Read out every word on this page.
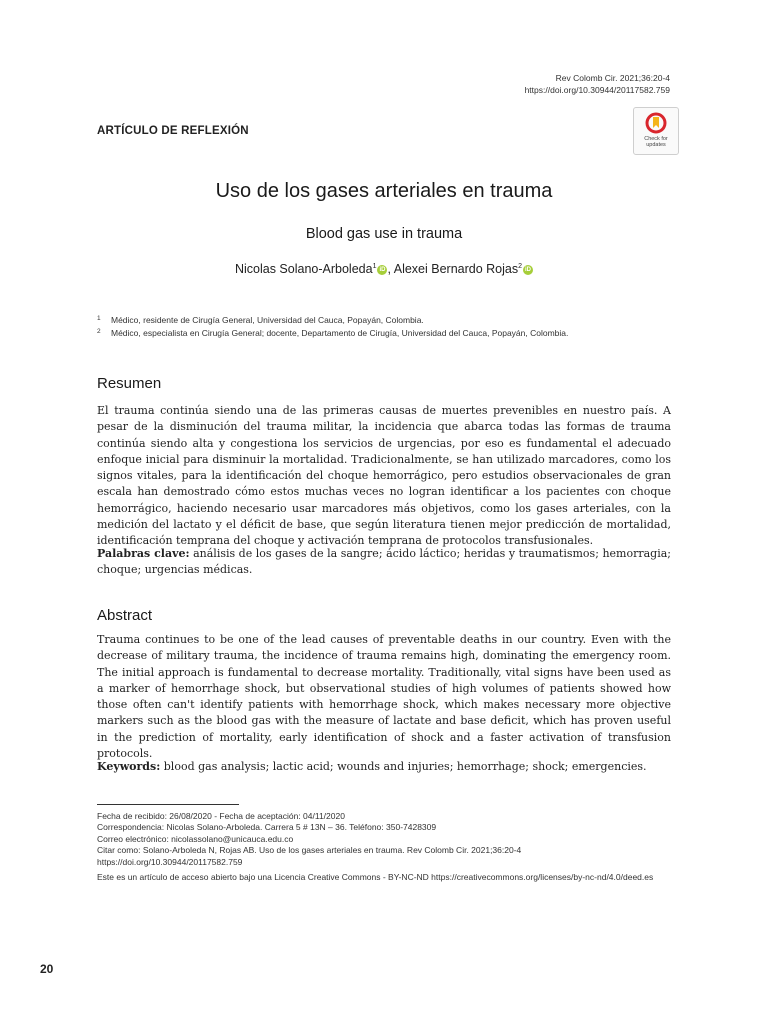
Rev Colomb Cir. 2021;36:20-4
https://doi.org/10.30944/20117582.759
ARTÍCULO DE REFLEXIÓN
Check for
updates
Uso de los gases arteriales en trauma
Blood gas use in trauma
Nicolas Solano-Arboleda$^1$ iD , Alexei Bernardo Rojas$^2$ iD
1 Médico, residente de Cirugía General, Universidad del Cauca, Popayán, Colombia.
2 Médico, especialista en Cirugía General; docente, Departamento de Cirugía, Universidad del Cauca, Popayán, Colombia.
Resumen
El trauma continúa siendo una de las primeras causas de muertes prevenibles en nuestro país. A pesar de la disminución del trauma militar, la incidencia que abarca todas las formas de trauma continúa siendo alta y congestiona los servicios de urgencias, por eso es fundamental el adecuado enfoque inicial para disminuir la mortalidad. Tradicionalmente, se han utilizado marcadores, como los signos vitales, para la identificación del choque hemorrágico, pero estudios observacionales de gran escala han demostrado cómo estos muchas veces no logran identificar a los pacientes con choque hemorrágico, haciendo necesario usar marcadores más objetivos, como los gases arteriales, con la medición del lactato y el déficit de base, que según literatura tienen mejor predicción de mortalidad, identificación temprana del choque y activación temprana de protocolos transfusionales.
Palabras clave: análisis de los gases de la sangre; ácido láctico; heridas y traumatismos; hemorragia; choque; urgencias médicas.
Abstract
Trauma continues to be one of the lead causes of preventable deaths in our country. Even with the decrease of military trauma, the incidence of trauma remains high, dominating the emergency room. The initial approach is fundamental to decrease mortality. Traditionally, vital signs have been used as a marker of hemorrhage shock, but observational studies of high volumes of patients showed how those often can't identify patients with hemorrhage shock, which makes necessary more objective markers such as the blood gas with the measure of lactate and base deficit, which has proven useful in the prediction of mortality, early identification of shock and a faster activation of transfusion protocols.
Keywords: blood gas analysis; lactic acid; wounds and injuries; hemorrhage; shock; emergencies.
Fecha de recibido: 26/08/2020 - Fecha de aceptación: 04/11/2020
Correspondencia: Nicolas Solano-Arboleda. Carrera 5 # 13N – 36. Teléfono: 350-7428309
Correo electrónico: nicolassolano@unicauca.edu.co
Citar como: Solano-Arboleda N, Rojas AB. Uso de los gases arteriales en trauma. Rev Colomb Cir. 2021;36:20-4
https://doi.org/10.30944/20117582.759
Este es un artículo de acceso abierto bajo una Licencia Creative Commons - BY-NC-ND https://creativecommons.org/licenses/by-nc-nd/4.0/deed.es
20
